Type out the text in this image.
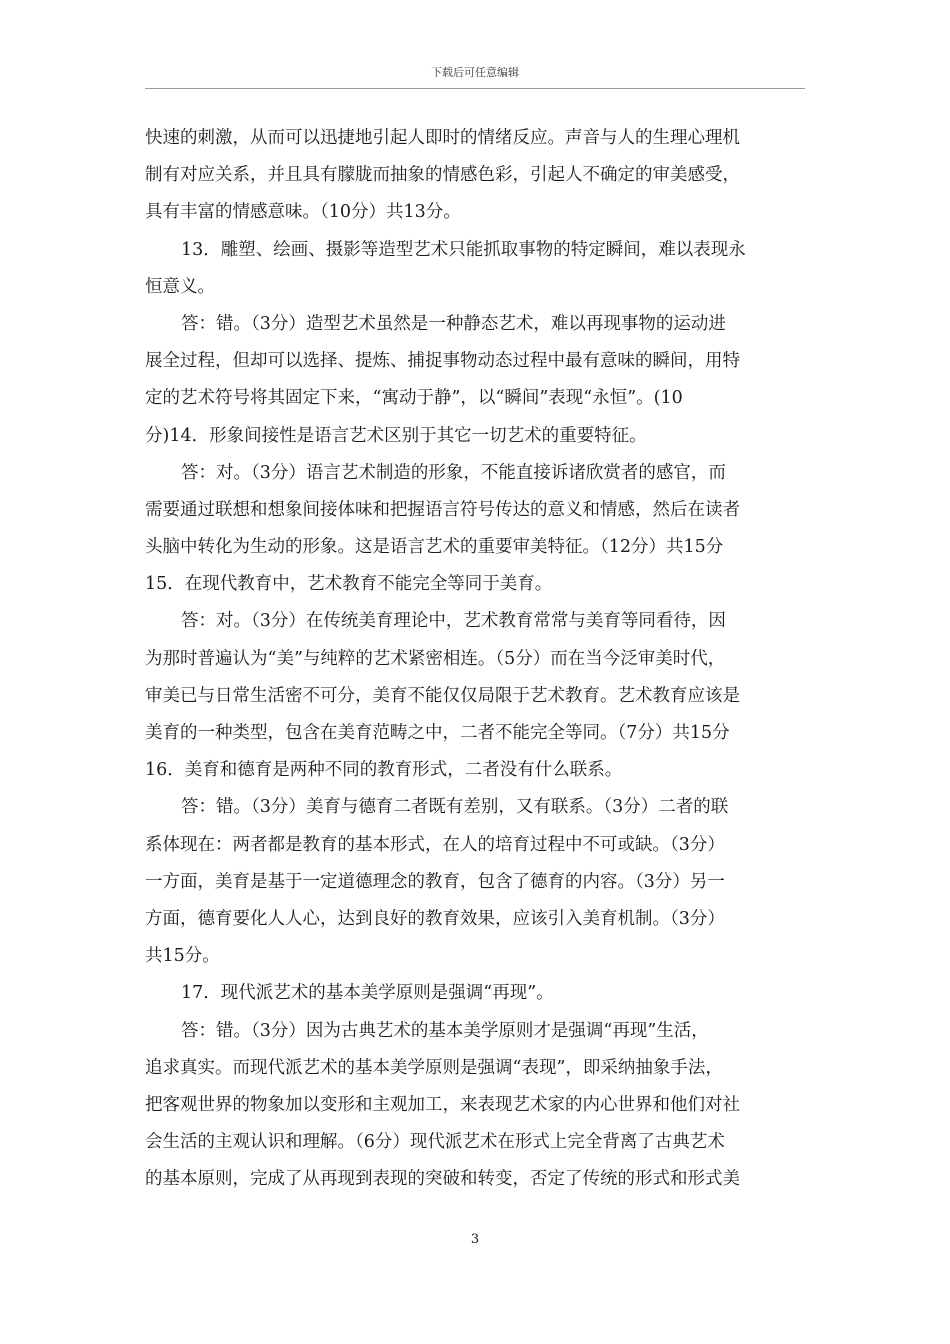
下载后可任意编辑
快速的刺激，从而可以迅捷地引起人即时的情绪反应。声音与人的生理心理机
制有对应关系，并且具有朦胧而抽象的情感色彩，引起人不确定的审美感受，
具有丰富的情感意味。（10分）共13分。
13．雕塑、绘画、摄影等造型艺术只能抓取事物的特定瞬间，难以表现永
恒意义。
答：错。（3分）造型艺术虽然是一种静态艺术，难以再现事物的运动进
展全过程，但却可以选择、提炼、捕捉事物动态过程中最有意味的瞬间，用特
定的艺术符号将其固定下来，“寓动于静”，以“瞬间”表现“永恒”。(10
分)14．形象间接性是语言艺术区别于其它一切艺术的重要特征。
答：对。（3分）语言艺术制造的形象，不能直接诉诸欣赏者的感官，而
需要通过联想和想象间接体味和把握语言符号传达的意义和情感，然后在读者
头脑中转化为生动的形象。这是语言艺术的重要审美特征。（12分）共15分
15．在现代教育中，艺术教育不能完全等同于美育。
答：对。（3分）在传统美育理论中，艺术教育常常与美育等同看待，因
为那时普遍认为“美”与纯粹的艺术紧密相连。（5分）而在当今泛审美时代，
审美已与日常生活密不可分，美育不能仅仅局限于艺术教育。艺术教育应该是
美育的一种类型，包含在美育范畴之中，二者不能完全等同。（7分）共15分
16．美育和德育是两种不同的教育形式，二者没有什么联系。
答：错。（3分）美育与德育二者既有差别，又有联系。（3分）二者的联
系体现在：两者都是教育的基本形式，在人的培育过程中不可或缺。（3分）
一方面，美育是基于一定道德理念的教育，包含了德育的内容。（3分）另一
方面，德育要化人人心，达到良好的教育效果，应该引入美育机制。（3分）
共15分。
17．现代派艺术的基本美学原则是强调“再现”。
答：错。（3分）因为古典艺术的基本美学原则才是强调“再现”生活，
追求真实。而现代派艺术的基本美学原则是强调“表现”，即采纳抽象手法，
把客观世界的物象加以变形和主观加工，来表现艺术家的内心世界和他们对社
会生活的主观认识和理解。（6分）现代派艺术在形式上完全背离了古典艺术
的基本原则，完成了从再现到表现的突破和转变，否定了传统的形式和形式美
3
